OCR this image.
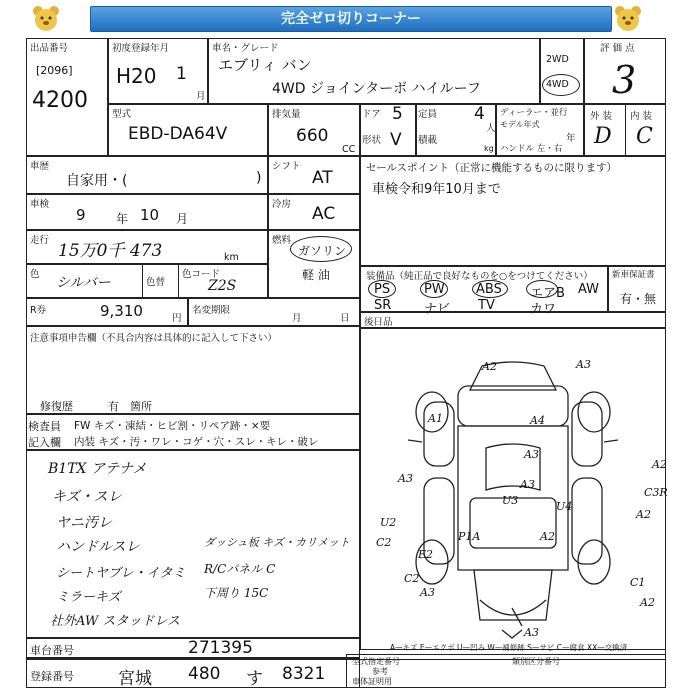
完全ゼロ切りコーナー
出品番号
[2096]
4200
初度登録年月
H20 1
月
車名・グレード
エブリィ バン
4WD ジョインターボ ハイルーフ
2WD
4WD
評 価 点
3
型式
EBD-DA64V
排気量
660
CC
ドア 5
形状 V
定員 4
人
積載
kg
ディーラー・並行
モデル年式
年
ハンドル 左・右
外 装 内 装
D C
車歴
自家用・(	)
シフト
AT	セールスポイント（正常に機能するものに限ります）
車検令和9年10月まで
車検
9	年 10 月
冷房 AC
走行
15万0千 473	km
燃料
ガソリン
軽 油
色
シルバー	色替
色コード
Z2S
装備品（純正品で良好なものを○をつけてください）
PS	PW ABS エアB AW
SR	ナビ TV	カワ
新車保証書
有・無
R券	9,310	円
名変期限
月	日 後日品
注意事項申告欄（不具合内容は具体的に記入して下さい）
修復歴	有 箇所
検査員
記入欄
FW キズ・凍結・ヒビ割・リペア跡・×要
内装 キズ・汚・ワレ・コゲ・穴・スレ・キレ・破レ
B1TX アテナメ
キズ・スレ
ヤニ汚レ
ハンドルスレ
シートヤブレ・イタミ
ミラーキズ
社外AW スタッドレス
ダッシュ板 キズ・カリメット
R/Cパネル C
下周り 15C
A2	A3
A1	A4
A3
A2
A3
U3	U4
C3R
A2
U2
C2
E2
P1A
C2
A3
C1
A2
A3
A2
A3
A—キズ E—エクボ U—凹み W—補修跡 S—サビ C—腐食 XX—交換済
車台番号	271395
登録番号	宮城 480 す 8321
型式指定番号
参考
類別区分番号
車体証明用
